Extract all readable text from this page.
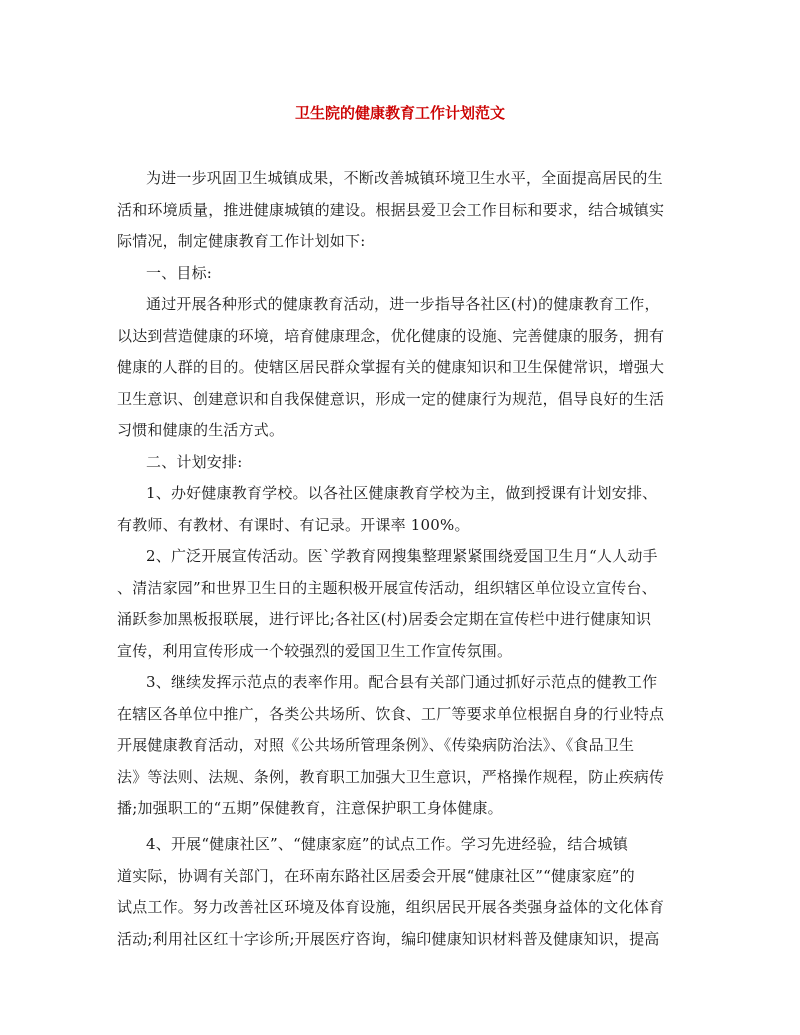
卫生院的健康教育工作计划范文

为进一步巩固卫生城镇成果，不断改善城镇环境卫生水平，全面提高居民的生

活和环境质量，推进健康城镇的建设。根据县爱卫会工作目标和要求，结合城镇实

际情况，制定健康教育工作计划如下:

一、目标:

通过开展各种形式的健康教育活动，进一步指导各社区(村)的健康教育工作，

以达到营造健康的环境，培育健康理念，优化健康的设施、完善健康的服务，拥有

健康的人群的目的。使辖区居民群众掌握有关的健康知识和卫生保健常识，增强大

卫生意识、创建意识和自我保健意识，形成一定的健康行为规范，倡导良好的生活

习惯和健康的生活方式。

二、计划安排:

1、办好健康教育学校。以各社区健康教育学校为主，做到授课有计划安排、

有教师、有教材、有课时、有记录。开课率 100%。

2、广泛开展宣传活动。医`学教育网搜集整理紧紧围绕爱国卫生月“人人动手

、清洁家园”和世界卫生日的主题积极开展宣传活动，组织辖区单位设立宣传台、

涌跃参加黑板报联展，进行评比;各社区(村)居委会定期在宣传栏中进行健康知识

宣传，利用宣传形成一个较强烈的爱国卫生工作宣传氛围。

3、继续发挥示范点的表率作用。配合县有关部门通过抓好示范点的健教工作

在辖区各单位中推广，各类公共场所、饮食、工厂等要求单位根据自身的行业特点

开展健康教育活动，对照《公共场所管理条例》、《传染病防治法》、《食品卫生

法》等法则、法规、条例，教育职工加强大卫生意识，严格操作规程，防止疾病传

播;加强职工的“五期”保健教育，注意保护职工身体健康。

4、开展“健康社区”、“健康家庭”的试点工作。学习先进经验，结合城镇

道实际，协调有关部门，在环南东路社区居委会开展“健康社区”“健康家庭”的

试点工作。努力改善社区环境及体育设施，组织居民开展各类强身益体的文化体育

活动;利用社区红十字诊所;开展医疗咨询，编印健康知识材料普及健康知识，提高
